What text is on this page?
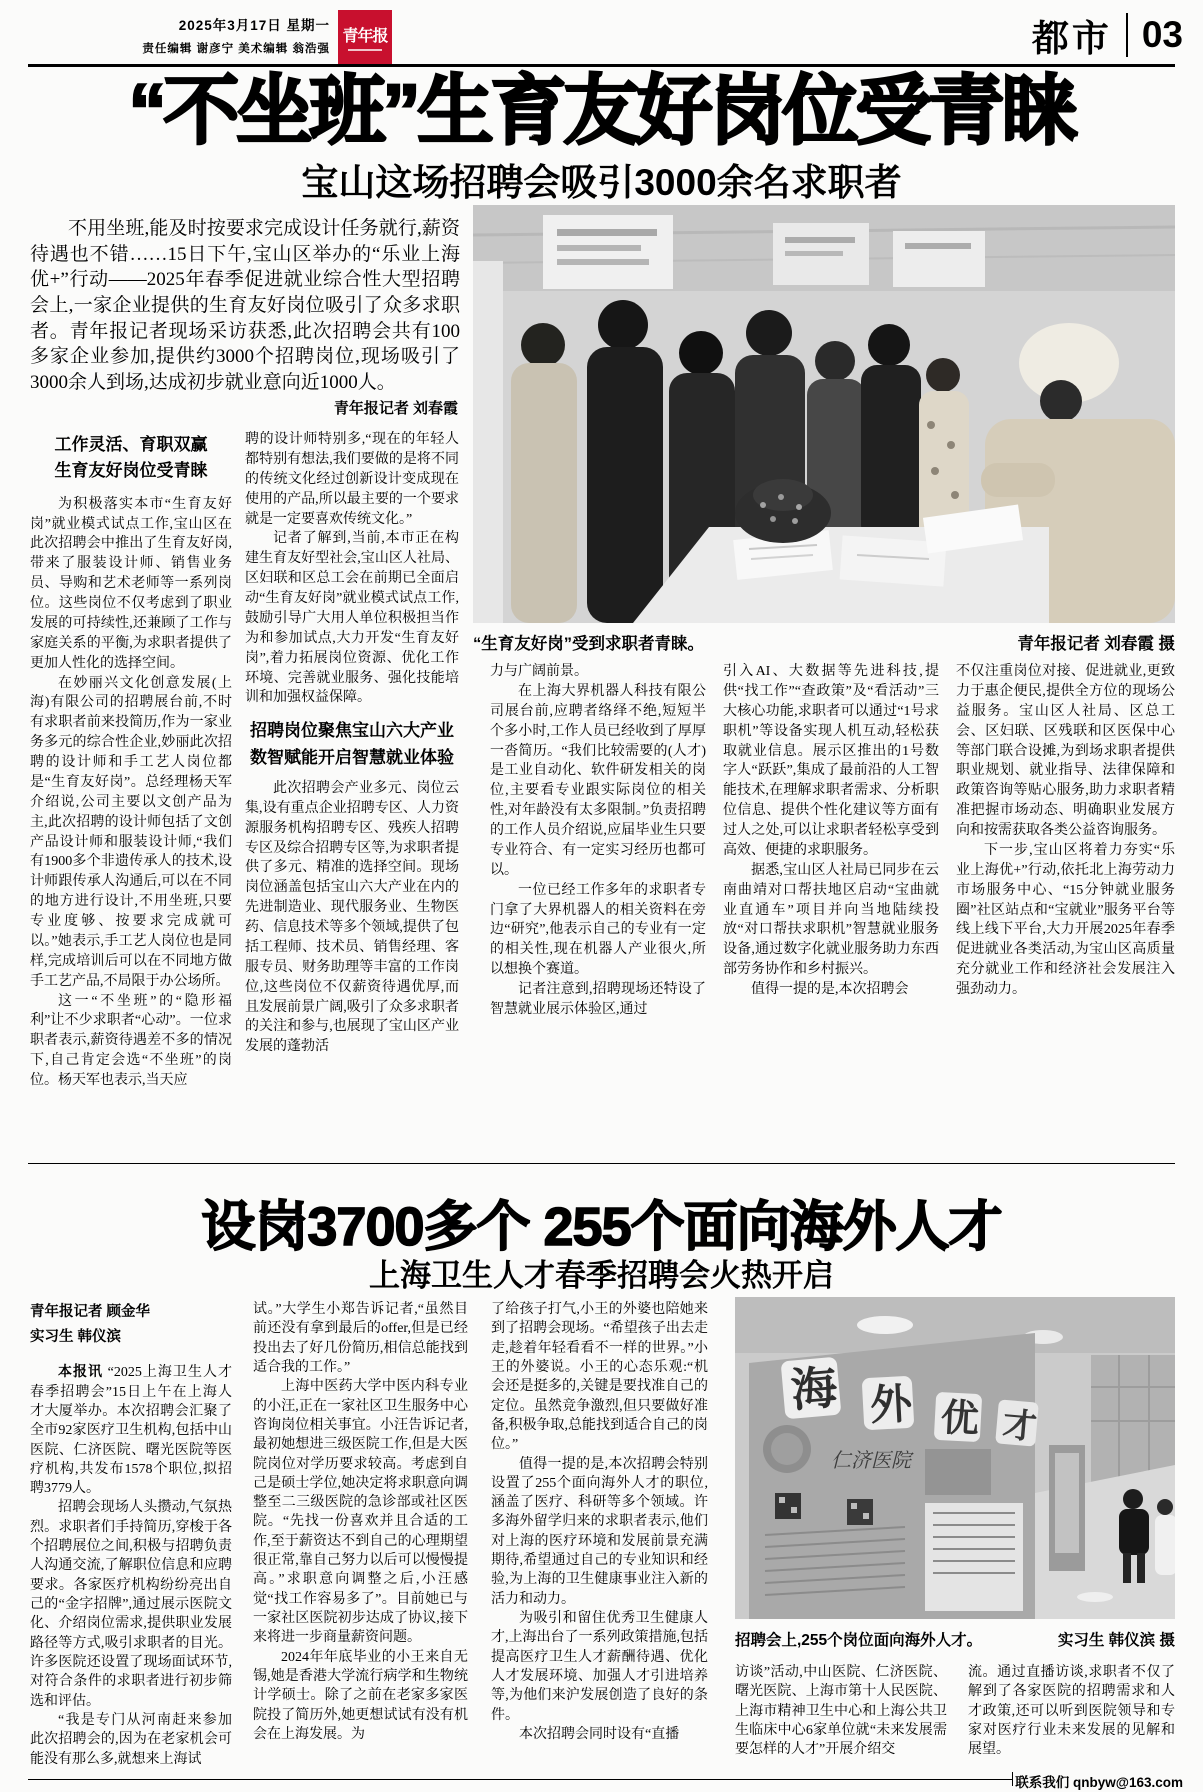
2025年3月17日 星期一
责任编辑 谢彦宁 美术编辑 翁浩强
青年报	都市 03
“不坐班”生育友好岗位受青睐
宝山这场招聘会吸引3000余名求职者

不用坐班,能及时按要求完成设计任务就行,薪资待遇也不错……15日下午,宝山区举办的“乐业上海优+”行动——2025年春季促进就业综合性大型招聘会上,一家企业提供的生育友好岗位吸引了众多求职者。青年报记者现场采访获悉,此次招聘会共有100多家企业参加,提供约3000个招聘岗位,现场吸引了3000余人到场,达成初步就业意向近1000人。

青年报记者 刘春霞
工作灵活、育职双赢
生育友好岗位受青睐

为积极落实本市“生育友好岗”就业模式试点工作,宝山区在此次招聘会中推出了生育友好岗,带来了服装设计师、销售业务员、导购和艺术老师等一系列岗位。这些岗位不仅考虑到了职业发展的可持续性,还兼顾了工作与家庭关系的平衡,为求职者提供了更加人性化的选择空间。

在妙丽兴文化创意发展(上海)有限公司的招聘展台前,不时有求职者前来投简历,作为一家业务多元的综合性企业,妙丽此次招聘的设计师和手工艺人岗位都是“生育友好岗”。总经理杨天军介绍说,公司主要以文创产品为主,此次招聘的设计师包括了文创产品设计师和服装设计师,“我们有1900多个非遗传承人的技术,设计师跟传承人沟通后,可以在不同的地方进行设计,不用坐班,只要专业度够、按要求完成就可以。”她表示,手工艺人岗位也是同样,完成培训后可以在不同地方做手工艺产品,不局限于办公场所。

这一“不坐班”的“隐形福利”让不少求职者“心动”。一位求职者表示,薪资待遇差不多的情况下,自己肯定会选“不坐班”的岗位。杨天军也表示,当天应

聘的设计师特别多,“现在的年轻人都特别有想法,我们要做的是将不同的传统文化经过创新设计变成现在使用的产品,所以最主要的一个要求就是一定要喜欢传统文化。”

记者了解到,当前,本市正在构建生育友好型社会,宝山区人社局、区妇联和区总工会在前期已全面启动“生育友好岗”就业模式试点工作,鼓励引导广大用人单位积极担当作为和参加试点,大力开发“生育友好岗”,着力拓展岗位资源、优化工作环境、完善就业服务、强化技能培训和加强权益保障。

招聘岗位聚焦宝山六大产业
数智赋能开启智慧就业体验

此次招聘会产业多元、岗位云集,设有重点企业招聘专区、人力资源服务机构招聘专区、残疾人招聘专区及综合招聘专区等,为求职者提供了多元、精准的选择空间。现场岗位涵盖包括宝山六大产业在内的先进制造业、现代服务业、生物医药、信息技术等多个领域,提供了包括工程师、技术员、销售经理、客服专员、财务助理等丰富的工作岗位,这些岗位不仅薪资待遇优厚,而且发展前景广阔,吸引了众多求职者的关注和参与,也展现了宝山区产业发展的蓬勃活

“生育友好岗”受到求职者青睐。	青年报记者 刘春霞 摄

力与广阔前景。

在上海大界机器人科技有限公司展台前,应聘者络绎不绝,短短半个多小时,工作人员已经收到了厚厚一沓简历。“我们比较需要的(人才)是工业自动化、软件研发相关的岗位,主要看专业跟实际岗位的相关性,对年龄没有太多限制。”负责招聘的工作人员介绍说,应届毕业生只要专业符合、有一定实习经历也都可以。

一位已经工作多年的求职者专门拿了大界机器人的相关资料在旁边“研究”,他表示自己的专业有一定的相关性,现在机器人产业很火,所以想换个赛道。

记者注意到,招聘现场还特设了智慧就业展示体验区,通过

引入AI、大数据等先进科技,提供“找工作”“查政策”及“看活动”三大核心功能,求职者可以通过“1号求职机”等设备实现人机互动,轻松获取就业信息。展示区推出的1号数字人“跃跃”,集成了最前沿的人工智能技术,在理解求职者需求、分析职位信息、提供个性化建议等方面有过人之处,可以让求职者轻松享受到高效、便捷的求职服务。

据悉,宝山区人社局已同步在云南曲靖对口帮扶地区启动“宝曲就业直通车”项目并向当地陆续投放“对口帮扶求职机”智慧就业服务设备,通过数字化就业服务助力东西部劳务协作和乡村振兴。

值得一提的是,本次招聘会

不仅注重岗位对接、促进就业,更致力于惠企便民,提供全方位的现场公益服务。宝山区人社局、区总工会、区妇联、区残联和区医保中心等部门联合设摊,为到场求职者提供职业规划、就业指导、法律保障和政策咨询等贴心服务,助力求职者精准把握市场动态、明确职业发展方向和按需获取各类公益咨询服务。

下一步,宝山区将着力夯实“乐业上海优+”行动,依托北上海劳动力市场服务中心、“15分钟就业服务圈”社区站点和“宝就业”服务平台等线上线下平台,大力开展2025年春季促进就业各类活动,为宝山区高质量充分就业工作和经济社会发展注入强劲动力。

设岗3700多个 255个面向海外人才
上海卫生人才春季招聘会火热开启
青年报记者 顾金华
实习生 韩仪滨

本报讯 “2025上海卫生人才春季招聘会”15日上午在上海人才大厦举办。本次招聘会汇聚了全市92家医疗卫生机构,包括中山医院、仁济医院、曙光医院等医疗机构,共发布1578个职位,拟招聘3779人。

招聘会现场人头攒动,气氛热烈。求职者们手持简历,穿梭于各个招聘展位之间,积极与招聘负责人沟通交流,了解职位信息和应聘要求。各家医疗机构纷纷亮出自己的“金字招牌”,通过展示医院文化、介绍岗位需求,提供职业发展路径等方式,吸引求职者的目光。许多医院还设置了现场面试环节,对符合条件的求职者进行初步筛选和评估。

“我是专门从河南赶来参加此次招聘会的,因为在老家机会可能没有那么多,就想来上海试

试。”大学生小郑告诉记者,“虽然目前还没有拿到最后的offer,但是已经投出去了好几份简历,相信总能找到适合我的工作。”

上海中医药大学中医内科专业的小汪,正在一家社区卫生服务中心咨询岗位相关事宜。小汪告诉记者,最初她想进三级医院工作,但是大医院岗位对学历要求较高。考虑到自己是硕士学位,她决定将求职意向调整至二三级医院的急诊部或社区医院。“先找一份喜欢并且合适的工作,至于薪资达不到自己的心理期望很正常,靠自己努力以后可以慢慢提高。”求职意向调整之后,小汪感觉“找工作容易多了”。目前她已与一家社区医院初步达成了协议,接下来将进一步商量薪资问题。

2024年年底毕业的小王来自无锡,她是香港大学流行病学和生物统计学硕士。除了之前在老家多家医院投了简历外,她更想试试有没有机会在上海发展。为

了给孩子打气,小王的外婆也陪她来到了招聘会现场。“希望孩子出去走走,趁着年轻看看不一样的世界。”小王的外婆说。小王的心态乐观:“机会还是挺多的,关键是要找准自己的定位。虽然竞争激烈,但只要做好准备,积极争取,总能找到适合自己的岗位。”

值得一提的是,本次招聘会特别设置了255个面向海外人才的职位,涵盖了医疗、科研等多个领域。许多海外留学归来的求职者表示,他们对上海的医疗环境和发展前景充满期待,希望通过自己的专业知识和经验,为上海的卫生健康事业注入新的活力和动力。

为吸引和留住优秀卫生健康人才,上海出台了一系列政策措施,包括提高医疗卫生人才薪酬待遇、优化人才发展环境、加强人才引进培养等,为他们来沪发展创造了良好的条件。

本次招聘会同时设有“直播

海 外 优 才
仁济医院
招聘会上,255个岗位面向海外人才。	实习生 韩仪滨 摄

访谈”活动,中山医院、仁济医院、曙光医院、上海市第十人民医院、上海市精神卫生中心和上海公共卫生临床中心6家单位就“未来发展需要怎样的人才”开展介绍交

流。通过直播访谈,求职者不仅了解到了各家医院的招聘需求和人才政策,还可以听到医院领导和专家对医疗行业未来发展的见解和展望。

联系我们 qnbyw@163.com
